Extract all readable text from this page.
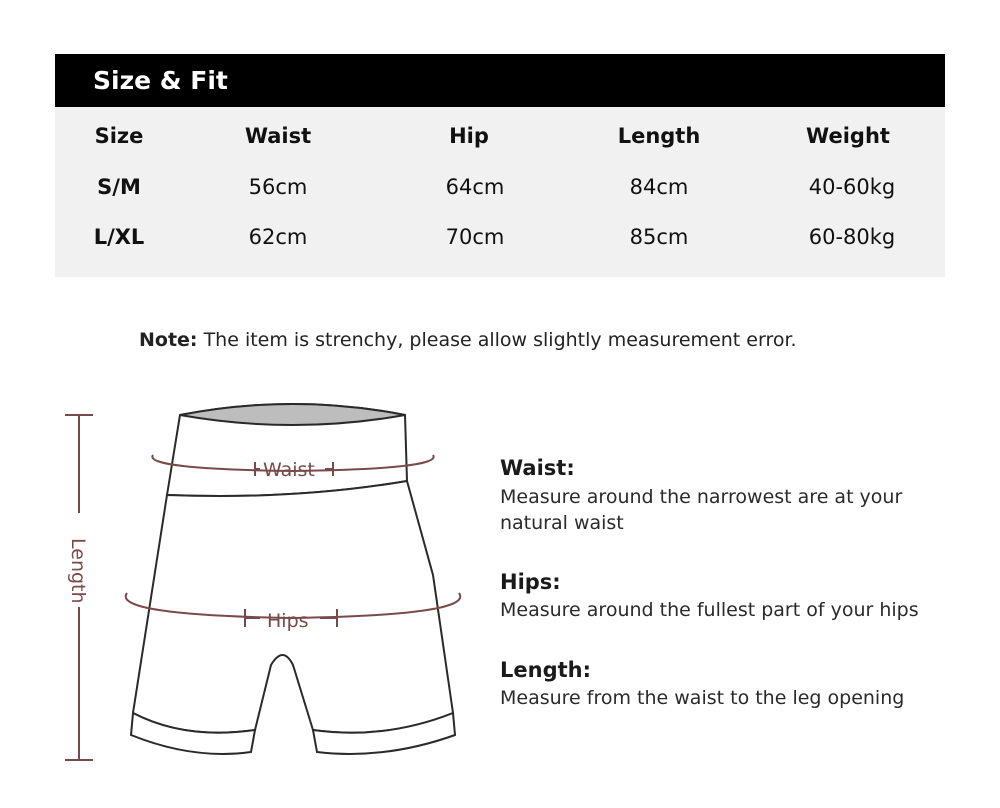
Size & Fit
Size	Waist	Hip	Length	Weight
S/M	56cm	64cm	84cm	40-60kg
L/XL	62cm	70cm	85cm	60-80kg
Note: The item is strenchy, please allow slightly measurement error.
Length
Waist
Hips
Waist:
Measure around the narrowest are at your natural waist
Hips:
Measure around the fullest part of your hips
Length:
Measure from the waist to the leg opening
